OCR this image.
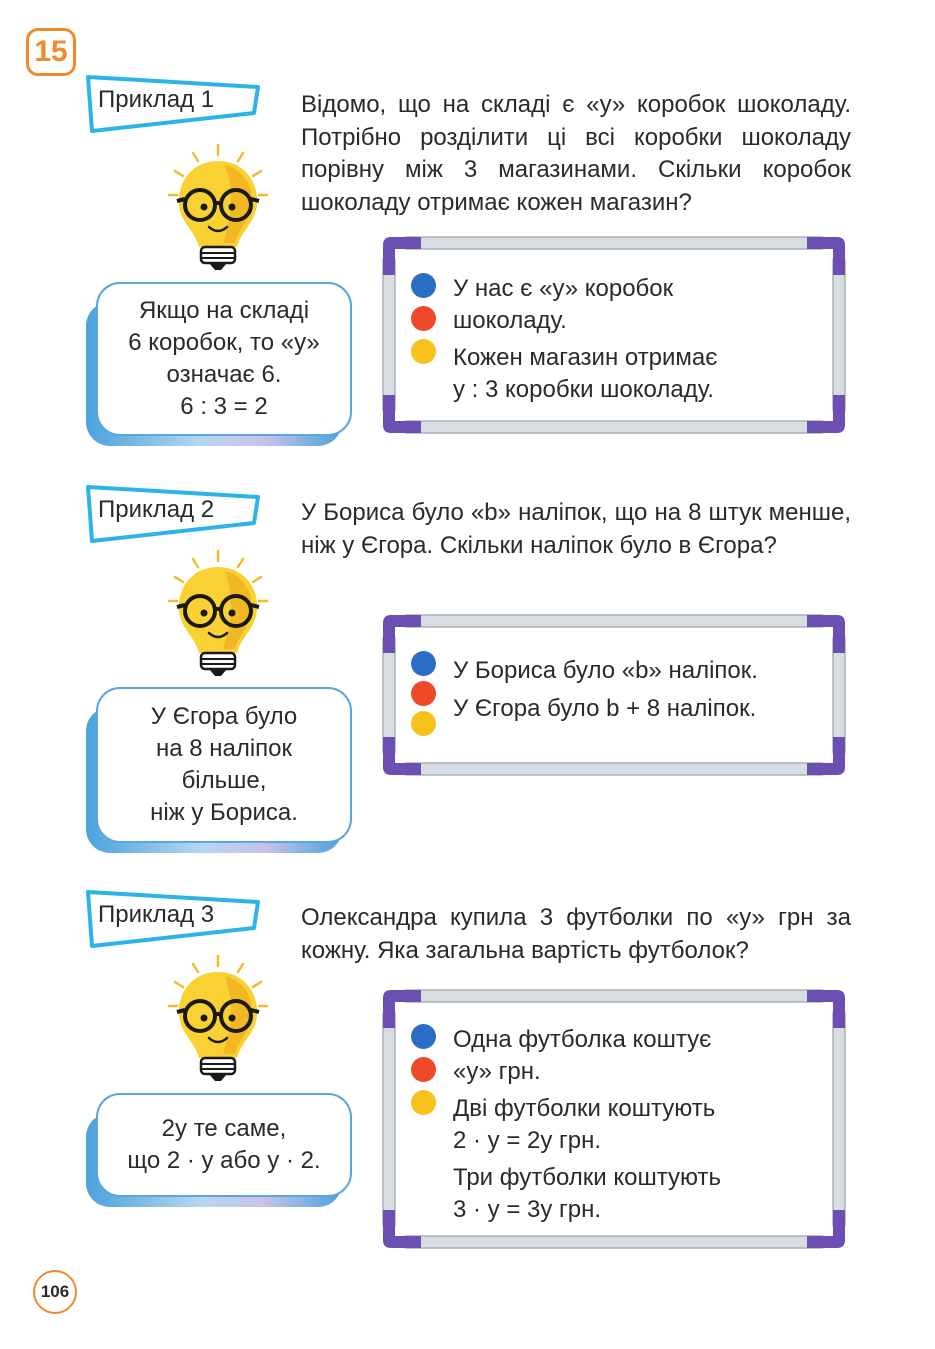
15
Приклад 1	Відомо, що на складі є «у» коробок шоколаду. Потрібно розділити ці всі коробки шоколаду порівну між 3 магазинами. Скільки коробок шоколаду отримає кожен магазин?
Якщо на складі
6 коробок, то «у»
означає 6.
6 : 3 = 2
У нас є «у» коробок
шоколаду.
Кожен магазин отримає
у : 3 коробки шоколаду.
Приклад 2	У Бориса було «b» наліпок, що на 8 штук менше, ніж у Єгора. Скільки наліпок було в Єгора?
У Єгора було
на 8 наліпок
більше,
ніж у Бориса.
У Бориса було «b» наліпок.
У Єгора було b + 8 наліпок.
Приклад 3	Олександра купила 3 футболки по «у» грн за кожну. Яка загальна вартість футболок?
2у те саме,
що 2 · у або у · 2.
Одна футболка коштує
«у» грн.
Дві футболки коштують
2 · у = 2у грн.
Три футболки коштують
3 · у = 3у грн.
106
